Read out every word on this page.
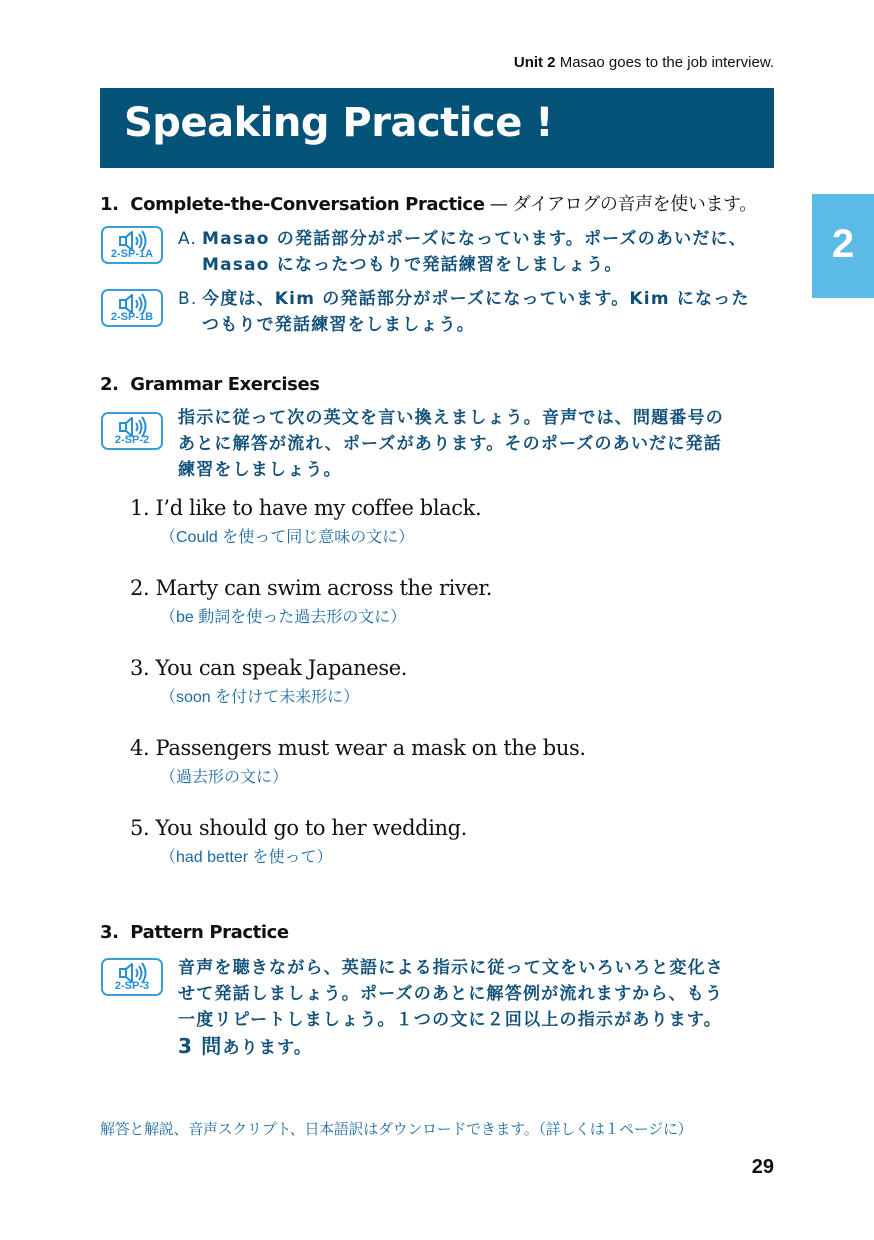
Unit 2 Masao goes to the job interview.
Speaking Practice !
2
1. Complete-the-Conversation Practice — ダイアログの音声を使います。
2-SP-1A
A. Masao の発話部分がポーズになっています。ポーズのあいだに、
Masao になったつもりで発話練習をしましょう。
2-SP-1B
B. 今度は、Kim の発話部分がポーズになっています。Kim になった
つもりで発話練習をしましょう。
2. Grammar Exercises
2-SP-2
指示に従って次の英文を言い換えましょう。音声では、問題番号の
あとに解答が流れ、ポーズがあります。そのポーズのあいだに発話
練習をしましょう。
1. I’d like to have my coffee black.
（Could を使って同じ意味の文に）
2. Marty can swim across the river.
（be 動詞を使った過去形の文に）
3. You can speak Japanese.
（soon を付けて未来形に）
4. Passengers must wear a mask on the bus.
（過去形の文に）
5. You should go to her wedding.
（had better を使って）
3. Pattern Practice
2-SP-3
音声を聴きながら、英語による指示に従って文をいろいろと変化さ
せて発話しましょう。ポーズのあとに解答例が流れますから、もう
一度リピートしましょう。１つの文に２回以上の指示があります。
3 問あります。
解答と解説、音声スクリプト、日本語訳はダウンロードできます。（詳しくは１ページに）
29
